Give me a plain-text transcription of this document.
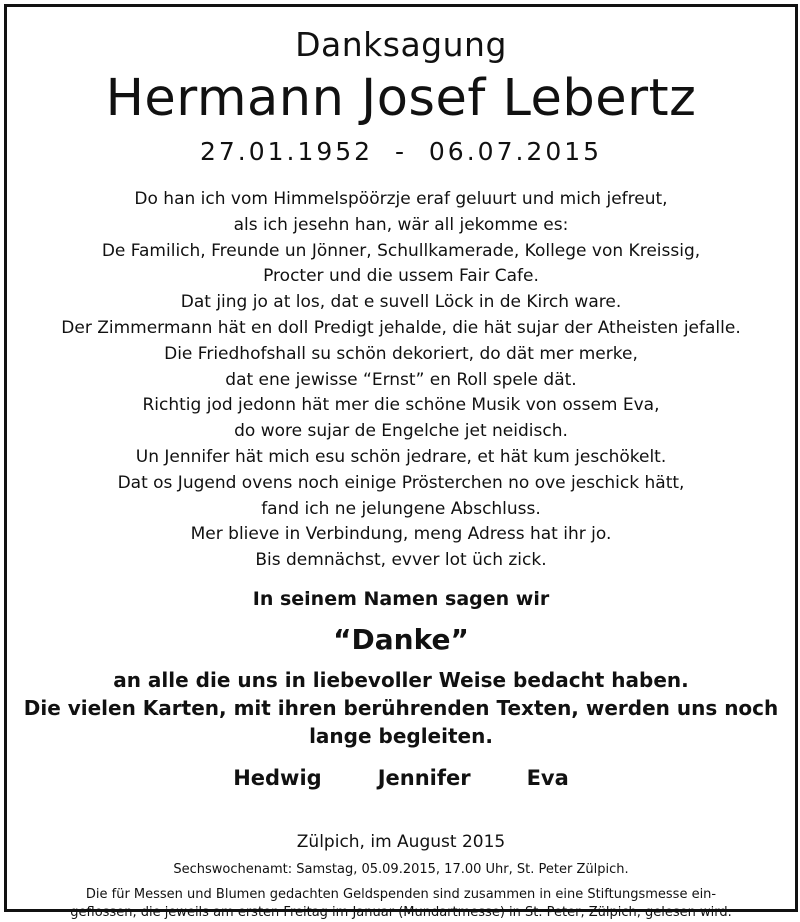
Danksagung
Hermann Josef Lebertz
27.01.1952  -  06.07.2015
Do han ich vom Himmelspöörzje eraf geluurt und mich jefreut,
als ich jesehn han, wär all jekomme es:
De Familich, Freunde un Jönner, Schullkamerade, Kollege von Kreissig,
Procter und die ussem Fair Cafe.
Dat jing jo at los, dat e suvell Löck in de Kirch ware.
Der Zimmermann hät en doll Predigt jehalde, die hät sujar der Atheisten jefalle.
Die Friedhofshall su schön dekoriert, do dät mer merke,
dat ene jewisse “Ernst” en Roll spele dät.
Richtig jod jedonn hät mer die schöne Musik von ossem Eva,
do wore sujar de Engelche jet neidisch.
Un Jennifer hät mich esu schön jedrare, et hät kum jeschökelt.
Dat os Jugend ovens noch einige Prösterchen no ove jeschick hätt,
fand ich ne jelungene Abschluss.
Mer blieve in Verbindung, meng Adress hat ihr jo.
Bis demnächst, evver lot üch zick.
In seinem Namen sagen wir
“Danke”
an alle die uns in liebevoller Weise bedacht haben.
Die vielen Karten, mit ihren berührenden Texten, werden uns noch
lange begleiten.
Hedwig	Jennifer	Eva
Zülpich, im August 2015
Sechswochenamt: Samstag, 05.09.2015, 17.00 Uhr, St. Peter Zülpich.
Die für Messen und Blumen gedachten Geldspenden sind zusammen in eine Stiftungsmesse ein-
geflossen, die jeweils am ersten Freitag im Januar (Mundartmesse) in St. Peter, Zülpich, gelesen wird.
